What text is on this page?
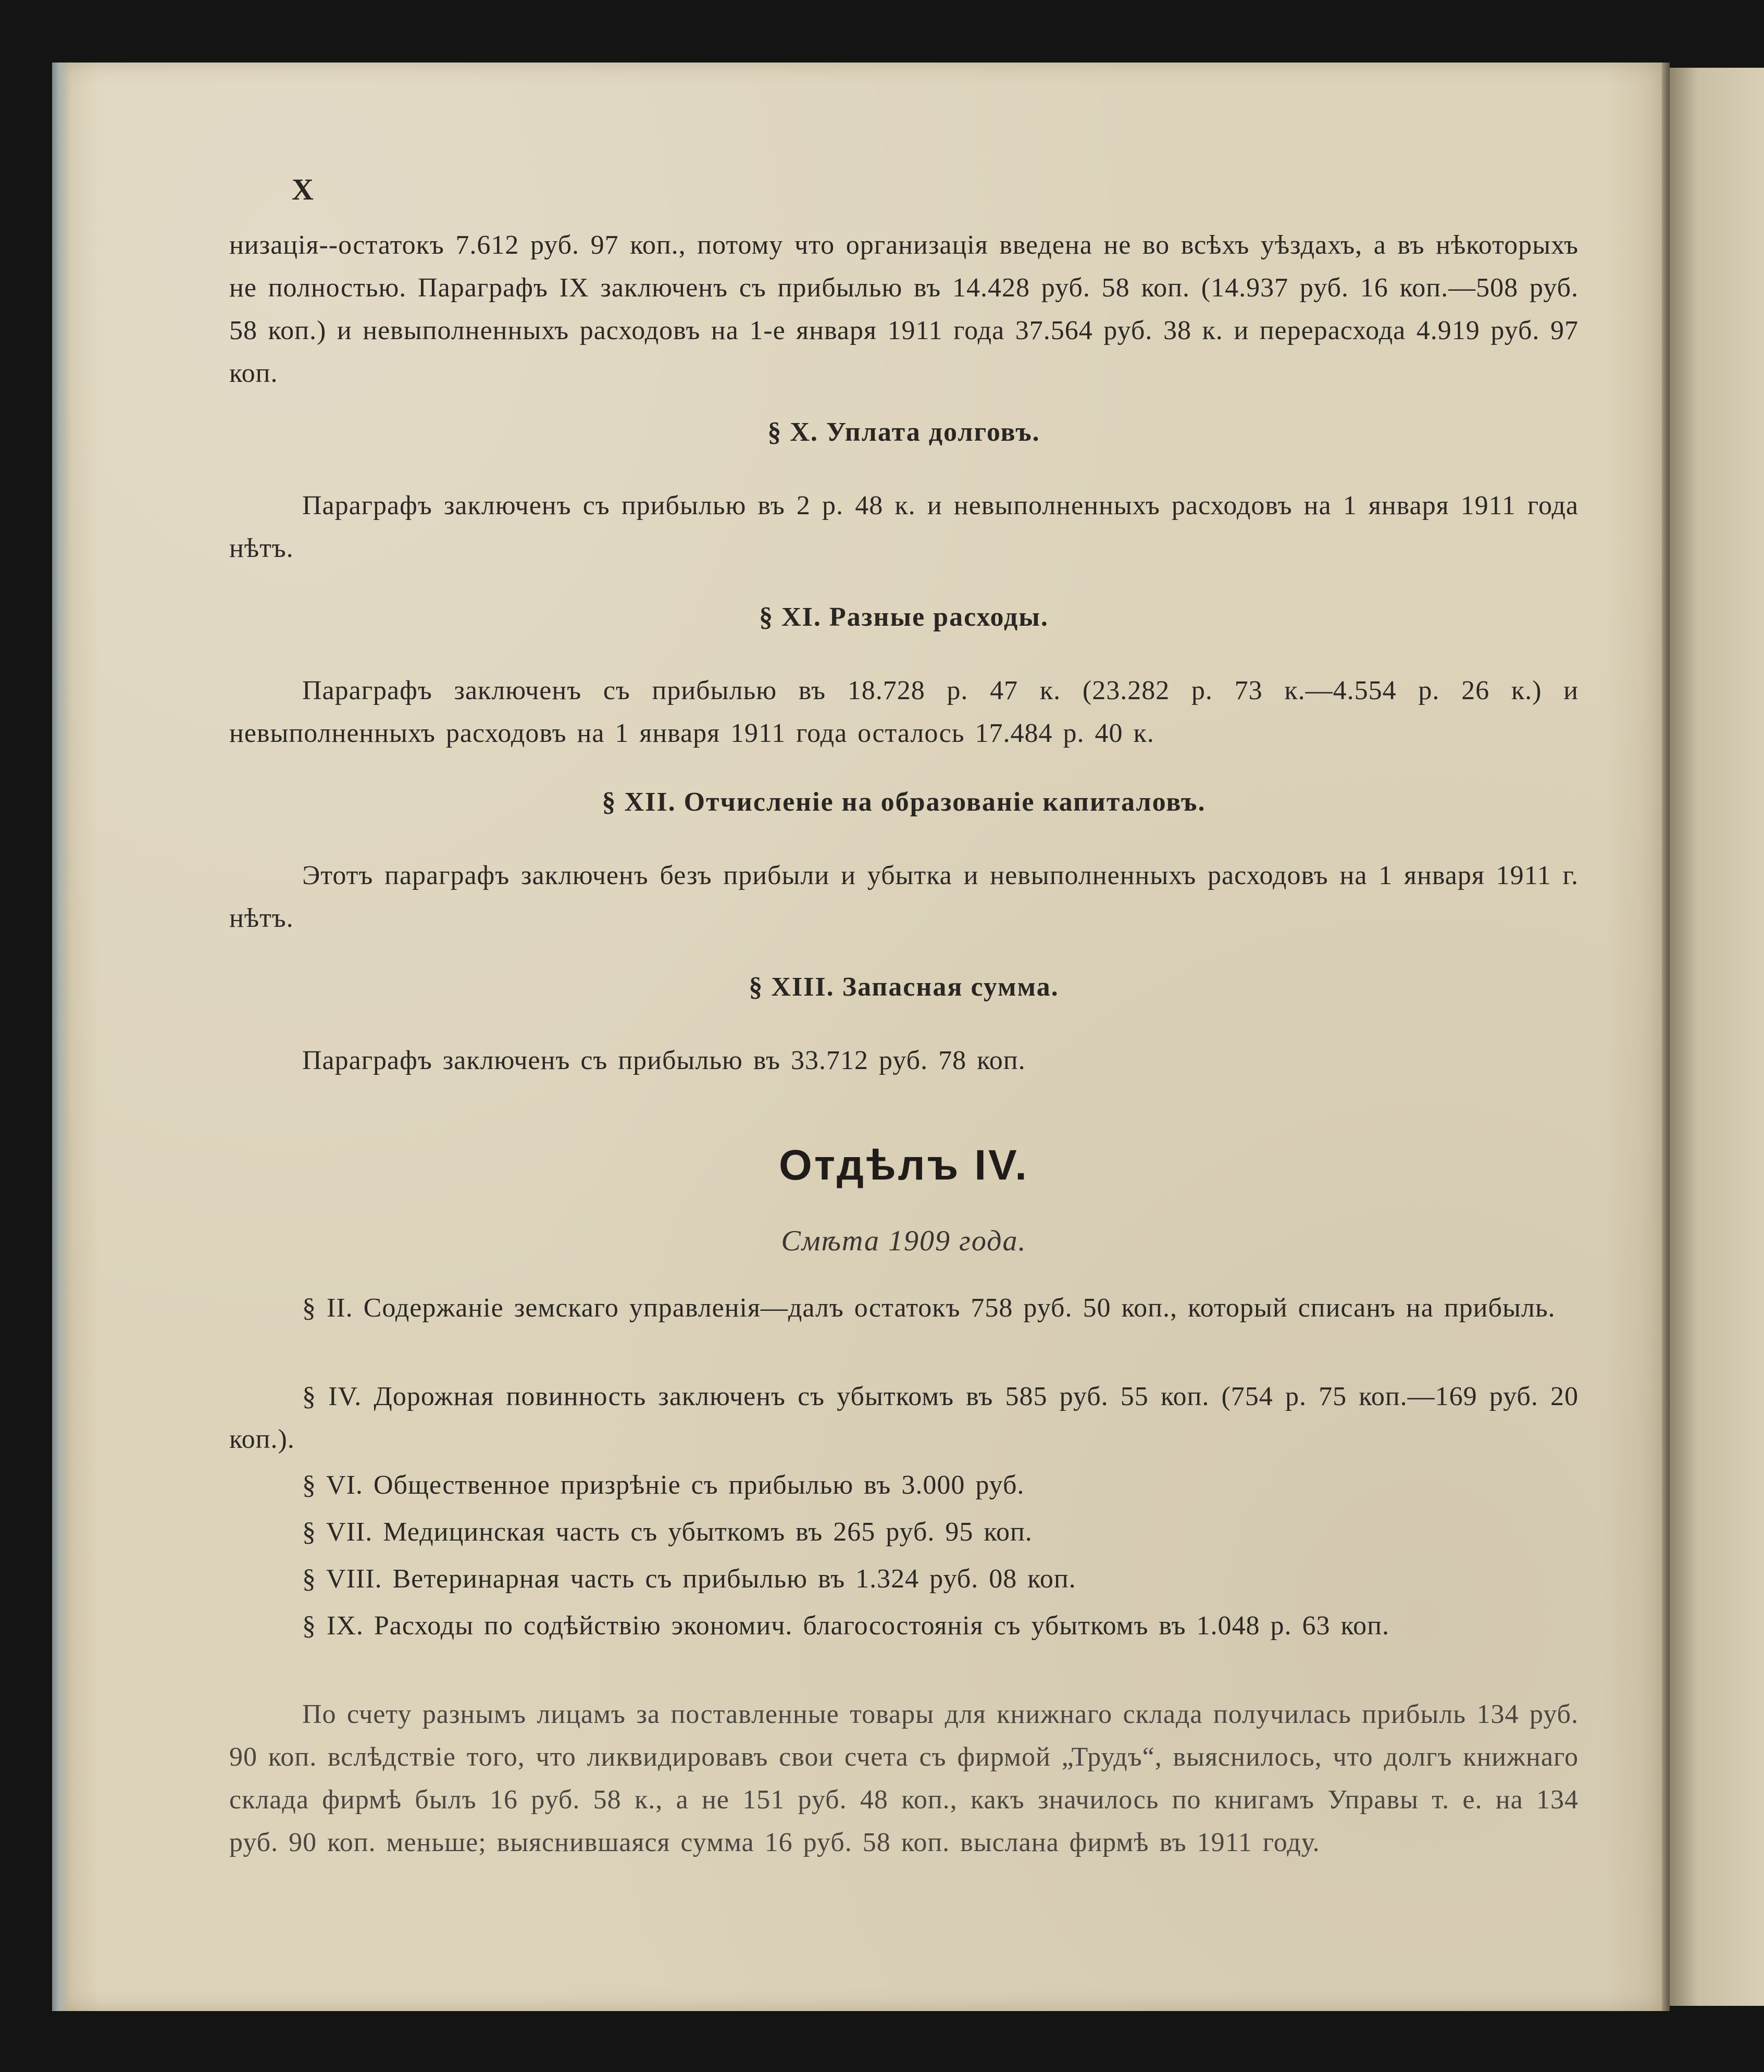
X
низація--остатокъ 7.612 руб. 97 коп., потому что организація введена не во всѣхъ уѣздахъ, а въ нѣкоторыхъ не полностью. Параграфъ IX заключенъ съ прибылью въ 14.428 руб. 58 коп. (14.937 руб. 16 коп.—508 руб. 58 коп.) и невыполненныхъ расходовъ на 1-е января 1911 года 37.564 руб. 38 к. и перерасхода 4.919 руб. 97 коп.
§ X. Уплата долговъ.
Параграфъ заключенъ съ прибылью въ 2 р. 48 к. и невыполненныхъ расходовъ на 1 января 1911 года нѣтъ.
§ XI. Разные расходы.
Параграфъ заключенъ съ прибылью въ 18.728 р. 47 к. (23.282 р. 73 к.—4.554 р. 26 к.) и невыполненныхъ расходовъ на 1 января 1911 года осталось 17.484 р. 40 к.
§ XII. Отчисленіе на образованіе капиталовъ.
Этотъ параграфъ заключенъ безъ прибыли и убытка и невыполненныхъ расходовъ на 1 января 1911 г. нѣтъ.
§ XIII. Запасная сумма.
Параграфъ заключенъ съ прибылью въ 33.712 руб. 78 коп.
Отдѣлъ IV.
Смѣта 1909 года.
§ II. Содержаніе земскаго управленія—далъ остатокъ 758 руб. 50 коп., который списанъ на прибыль.
§ IV. Дорожная повинность заключенъ съ убыткомъ въ 585 руб. 55 коп. (754 р. 75 коп.—169 руб. 20 коп.).
§ VI. Общественное призрѣніе съ прибылью въ 3.000 руб.
§ VII. Медицинская часть съ убыткомъ въ 265 руб. 95 коп.
§ VIII. Ветеринарная часть съ прибылью въ 1.324 руб. 08 коп.
§ IX. Расходы по содѣйствію экономич. благосостоянія съ убыткомъ въ 1.048 р. 63 коп.
По счету разнымъ лицамъ за поставленные товары для книжнаго склада получилась прибыль 134 руб. 90 коп. вслѣдствіе того, что ликвидировавъ свои счета съ фирмой „Трудъ“, выяснилось, что долгъ книжнаго склада фирмѣ былъ 16 руб. 58 к., а не 151 руб. 48 коп., какъ значилось по книгамъ Управы т. е. на 134 руб. 90 коп. меньше; выяснившаяся сумма 16 руб. 58 коп. выслана фирмѣ въ 1911 году.
